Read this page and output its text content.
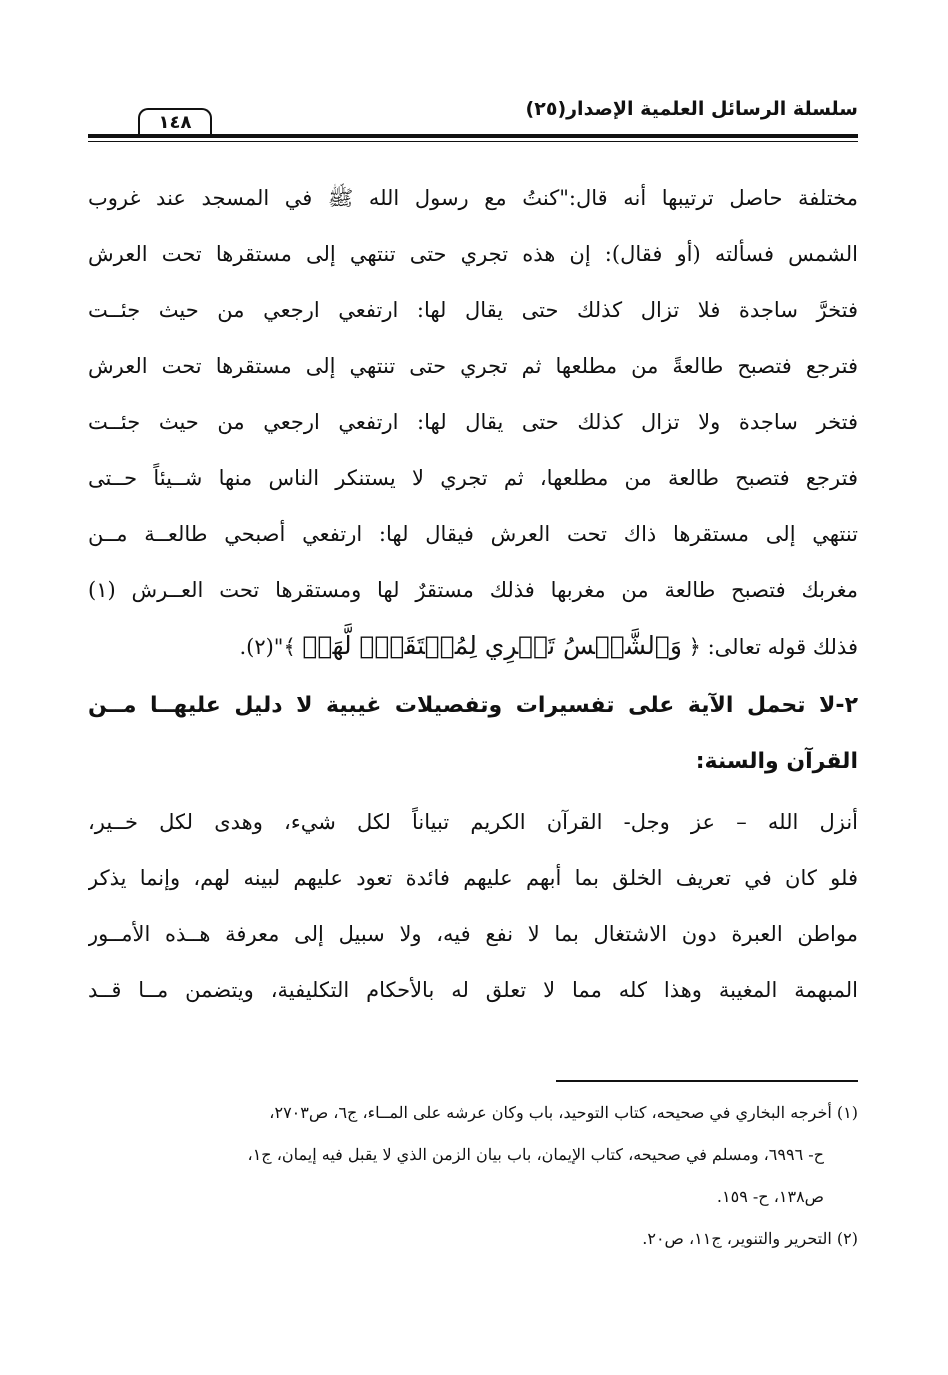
سلسلة الرسائل العلمية الإصدار(٢٥)
١٤٨
مختلفة حاصل ترتيبها أنه قال:"كنتُ مع رسول الله ﷺ في المسجد عند غروب
الشمس فسألته (أو فقال): إن هذه تجري حتى تنتهي إلى مستقرها تحت العرش
فتخرَّ ساجدة فلا تزال كذلك حتى يقال لها: ارتفعي ارجعي من حيث جئــت
فترجع فتصبح طالعةً من مطلعها ثم تجري حتى تنتهي إلى مستقرها تحت العرش
فتخر ساجدة ولا تزال كذلك حتى يقال لها: ارتفعي ارجعي من حيث جئــت
فترجع فتصبح طالعة من مطلعها، ثم تجري لا يستنكر الناس منها شــيئاً حــتى
تنتهي إلى مستقرها ذاك تحت العرش فيقال لها: ارتفعي أصبحي طالعــة مــن
مغربك فتصبح طالعة من مغربها فذلك مستقرٌ لها ومستقرها تحت العــرش (١)
فذلك قوله تعالى: ﴿ وَٱلشَّمۡسُ تَجۡرِي لِمُسۡتَقَرّٖ لَّهَاۚ ﴾"(٢).
٢-لا تحمل الآية على تفسيرات وتفصيلات غيبية لا دليل عليهــا مــن
القرآن والسنة:
أنزل الله – عز وجل- القرآن الكريم تبياناً لكل شيء، وهدى لكل خــير،
فلو كان في تعريف الخلق بما أبهم عليهم فائدة تعود عليهم لبينه لهم، وإنما يذكر
مواطن العبرة دون الاشتغال بما لا نفع فيه، ولا سبيل إلى معرفة هــذه الأمــور
المبهمة المغيبة وهذا كله مما لا تعلق له بالأحكام التكليفية، ويتضمن مــا قــد
(١) أخرجه البخاري في صحيحه، كتاب التوحيد، باب وكان عرشه على المــاء، ج٦، ص٢٧٠٣،
ح- ٦٩٩٦، ومسلم في صحيحه، كتاب الإيمان، باب بيان الزمن الذي لا يقبل فيه إيمان، ج١،
ص١٣٨، ح- ١٥٩.
(٢) التحرير والتنوير، ج١١، ص٢٠.
